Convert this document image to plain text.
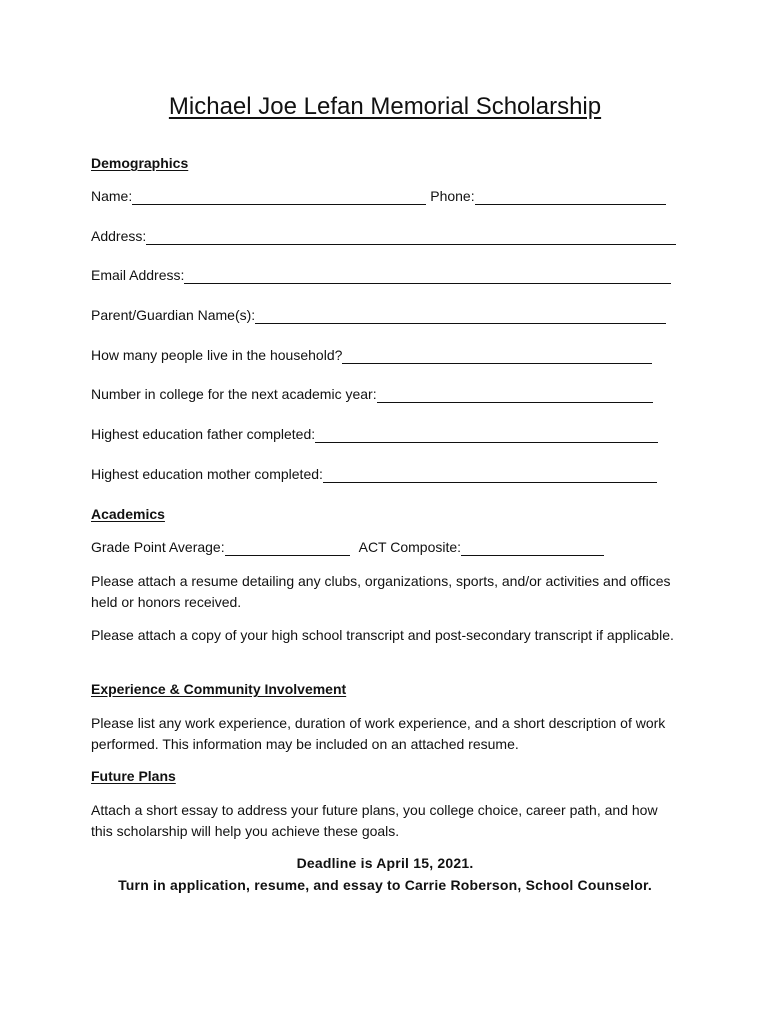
Michael Joe Lefan Memorial Scholarship
Demographics
Name:	Phone:
Address:
Email Address:
Parent/Guardian Name(s):
How many people live in the household?
Number in college for the next academic year:
Highest education father completed:
Highest education mother completed:
Academics
Grade Point Average:	ACT Composite:
Please attach a resume detailing any clubs, organizations, sports, and/or activities and offices held or honors received.
Please attach a copy of your high school transcript and post-secondary transcript if applicable.
Experience & Community Involvement
Please list any work experience, duration of work experience, and a short description of work performed. This information may be included on an attached resume.
Future Plans
Attach a short essay to address your future plans, you college choice, career path, and how this scholarship will help you achieve these goals.
Deadline is April 15, 2021.
Turn in application, resume, and essay to Carrie Roberson, School Counselor.
